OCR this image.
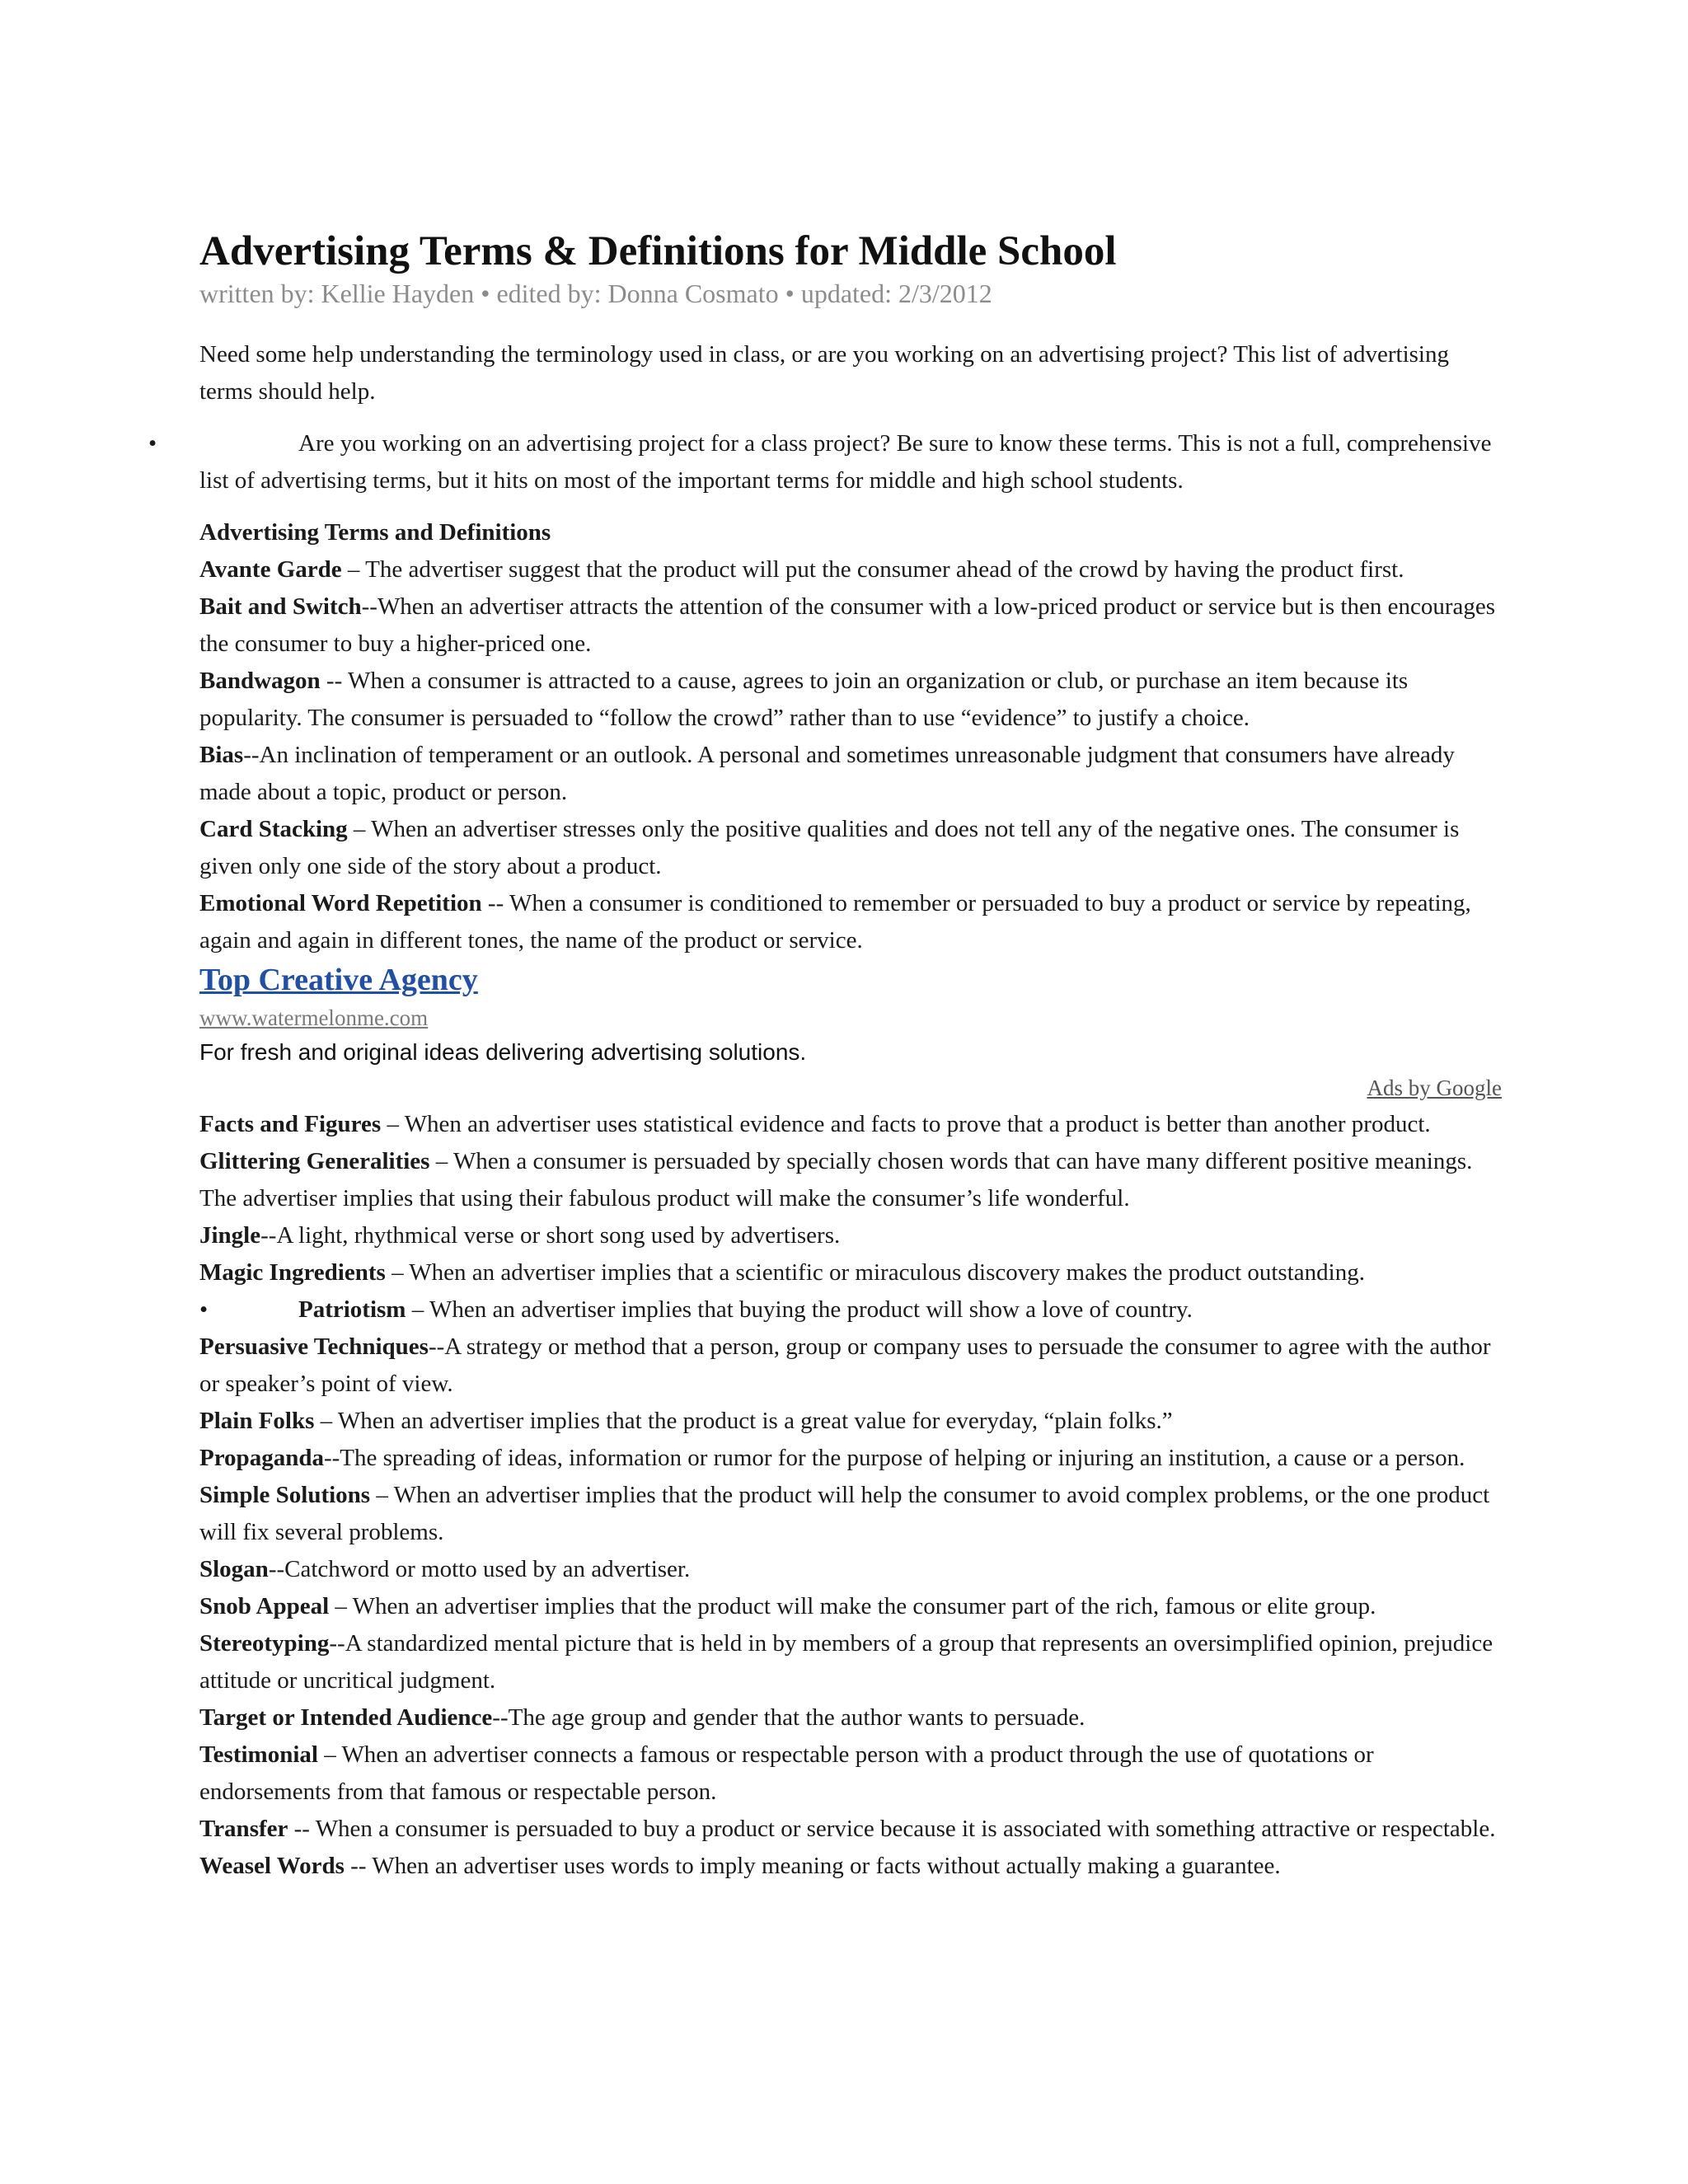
Advertising Terms & Definitions for Middle School
written by: Kellie Hayden • edited by: Donna Cosmato • updated: 2/3/2012
Need some help understanding the terminology used in class, or are you working on an advertising project? This list of advertising terms should help.
•	Are you working on an advertising project for a class project? Be sure to know these terms. This is not a full, comprehensive list of advertising terms, but it hits on most of the important terms for middle and high school students.
Advertising Terms and Definitions
Avante Garde – The advertiser suggest that the product will put the consumer ahead of the crowd by having the product first.
Bait and Switch--When an advertiser attracts the attention of the consumer with a low-priced product or service but is then encourages the consumer to buy a higher-priced one.
Bandwagon -- When a consumer is attracted to a cause, agrees to join an organization or club, or purchase an item because its popularity. The consumer is persuaded to “follow the crowd” rather than to use “evidence” to justify a choice.
Bias--An inclination of temperament or an outlook. A personal and sometimes unreasonable judgment that consumers have already made about a topic, product or person.
Card Stacking – When an advertiser stresses only the positive qualities and does not tell any of the negative ones. The consumer is given only one side of the story about a product.
Emotional Word Repetition -- When a consumer is conditioned to remember or persuaded to buy a product or service by repeating, again and again in different tones, the name of the product or service.
Top Creative Agency
www.watermelonme.com
For fresh and original ideas delivering advertising solutions.
Ads by Google
Facts and Figures – When an advertiser uses statistical evidence and facts to prove that a product is better than another product.
Glittering Generalities – When a consumer is persuaded by specially chosen words that can have many different positive meanings. The advertiser implies that using their fabulous product will make the consumer’s life wonderful.
Jingle--A light, rhythmical verse or short song used by advertisers.
Magic Ingredients – When an advertiser implies that a scientific or miraculous discovery makes the product outstanding.
•	Patriotism – When an advertiser implies that buying the product will show a love of country.
Persuasive Techniques--A strategy or method that a person, group or company uses to persuade the consumer to agree with the author or speaker’s point of view.
Plain Folks – When an advertiser implies that the product is a great value for everyday, “plain folks.”
Propaganda--The spreading of ideas, information or rumor for the purpose of helping or injuring an institution, a cause or a person.
Simple Solutions – When an advertiser implies that the product will help the consumer to avoid complex problems, or the one product will fix several problems.
Slogan--Catchword or motto used by an advertiser.
Snob Appeal – When an advertiser implies that the product will make the consumer part of the rich, famous or elite group.
Stereotyping--A standardized mental picture that is held in by members of a group that represents an oversimplified opinion, prejudice attitude or uncritical judgment.
Target or Intended Audience--The age group and gender that the author wants to persuade.
Testimonial – When an advertiser connects a famous or respectable person with a product through the use of quotations or endorsements from that famous or respectable person.
Transfer -- When a consumer is persuaded to buy a product or service because it is associated with something attractive or respectable.
Weasel Words -- When an advertiser uses words to imply meaning or facts without actually making a guarantee.
